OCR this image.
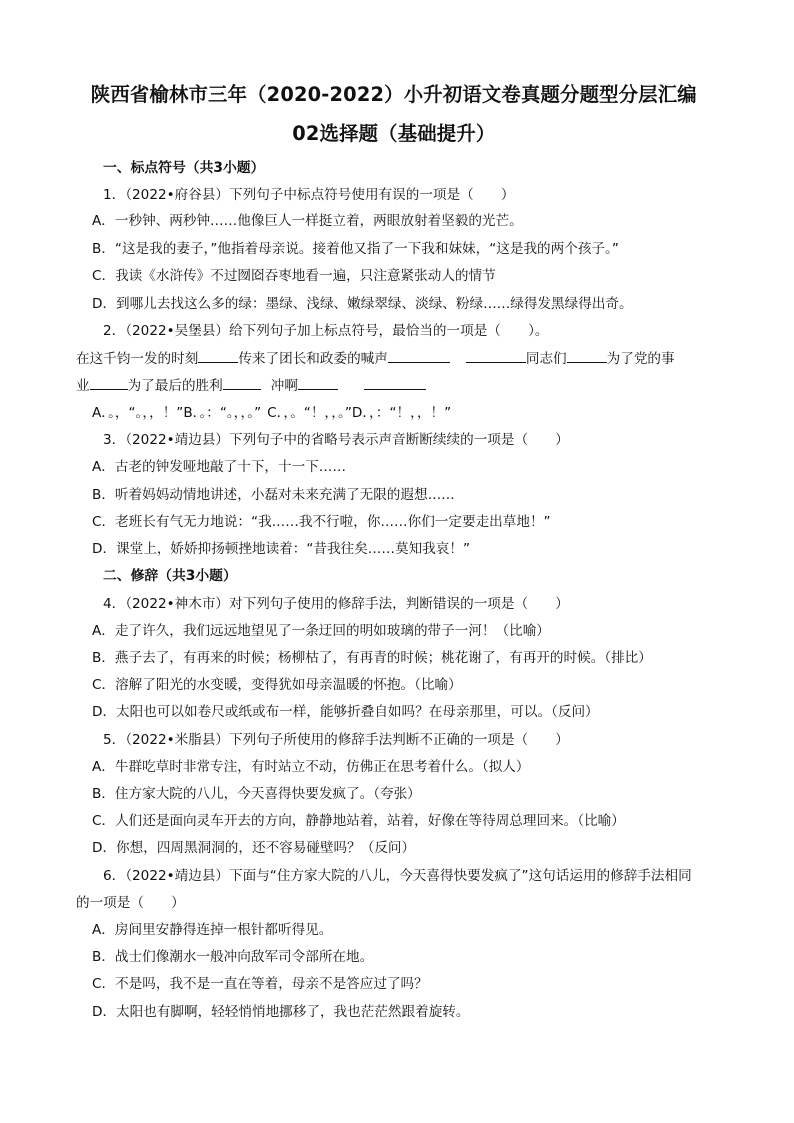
陕西省榆林市三年（2020-2022）小升初语文卷真题分题型分层汇编
02选择题（基础提升）
一、标点符号（共3小题）
1．（2022•府谷县）下列句子中标点符号使用有误的一项是（　　）
A．一秒钟、两秒钟……他像巨人一样挺立着，两眼放射着坚毅的光芒。
B．“这是我的妻子，”他指着母亲说。接着他又指了一下我和妹妹，“这是我的两个孩子。”
C．我读《水浒传》不过囫囵吞枣地看一遍，只注意紧张动人的情节
D．到哪儿去找这么多的绿：墨绿、浅绿、嫩绿翠绿、淡绿、粉绿……绿得发黑绿得出奇。
2．（2022•吴堡县）给下列句子加上标点符号，最恰当的一项是（　　）。
在这千钧一发的时刻	传来了团长和政委的喊声	同志们	为了党的事
业	为了最后的胜利	冲啊
A．。，“。，，！”B．。：“。，，。” C．，。“！，，。”D．，：“！，，！”
3．（2022•靖边县）下列句子中的省略号表示声音断断续续的一项是（　　）
A．古老的钟发哑地敲了十下，十一下……
B．听着妈妈动情地讲述，小磊对未来充满了无限的遐想……
C．老班长有气无力地说：“我……我不行啦，你……你们一定要走出草地！”
D．课堂上，娇娇抑扬顿挫地读着：“昔我往矣……莫知我哀！”
二、修辞（共3小题）
4．（2022•神木市）对下列句子使用的修辞手法，判断错误的一项是（　　）
A．走了许久，我们远远地望见了一条迂回的明如玻璃的带子一河！（比喻）
B．燕子去了，有再来的时候；杨柳枯了，有再青的时候；桃花谢了，有再开的时候。（排比）
C．溶解了阳光的水变暖，变得犹如母亲温暖的怀抱。（比喻）
D．太阳也可以如卷尺或纸或布一样，能够折叠自如吗？在母亲那里，可以。（反问）
5．（2022•米脂县）下列句子所使用的修辞手法判断不正确的一项是（　　）
A．牛群吃草时非常专注，有时站立不动，仿佛正在思考着什么。（拟人）
B．住方家大院的八儿，今天喜得快要发疯了。（夸张）
C．人们还是面向灵车开去的方向，静静地站着，站着，好像在等待周总理回来。（比喻）
D．你想，四周黑洞洞的，还不容易碰壁吗？（反问）
6．（2022•靖边县）下面与“住方家大院的八儿，今天喜得快要发疯了”这句话运用的修辞手法相同
的一项是（　　）
A．房间里安静得连掉一根针都听得见。
B．战士们像潮水一般冲向敌军司令部所在地。
C．不是吗，我不是一直在等着，母亲不是答应过了吗？
D．太阳也有脚啊，轻轻悄悄地挪移了，我也茫茫然跟着旋转。
